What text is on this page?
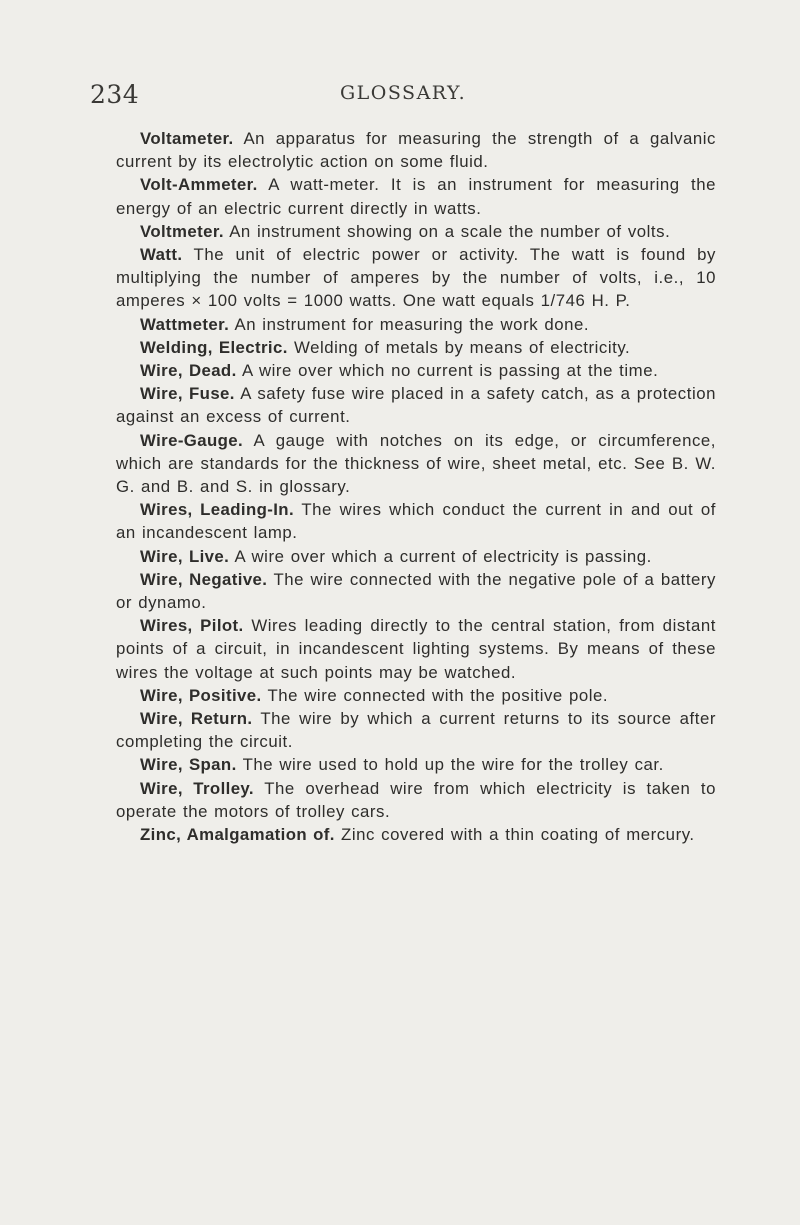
234	GLOSSARY.

Voltameter. An apparatus for measuring the strength of a galvanic current by its electrolytic action on some fluid.

Volt-Ammeter. A watt-meter. It is an instrument for measuring the energy of an electric current directly in watts.

Voltmeter. An instrument showing on a scale the number of volts.

Watt. The unit of electric power or activity. The watt is found by multiplying the number of amperes by the number of volts, i.e., 10 amperes × 100 volts = 1000 watts. One watt equals 1/746 H. P.

Wattmeter. An instrument for measuring the work done.

Welding, Electric. Welding of metals by means of electricity.

Wire, Dead. A wire over which no current is passing at the time.

Wire, Fuse. A safety fuse wire placed in a safety catch, as a protection against an excess of current.

Wire-Gauge. A gauge with notches on its edge, or circumference, which are standards for the thickness of wire, sheet metal, etc. See B. W. G. and B. and S. in glossary.

Wires, Leading-In. The wires which conduct the current in and out of an incandescent lamp.

Wire, Live. A wire over which a current of electricity is passing.

Wire, Negative. The wire connected with the negative pole of a battery or dynamo.

Wires, Pilot. Wires leading directly to the central station, from distant points of a circuit, in incandescent lighting systems. By means of these wires the voltage at such points may be watched.

Wire, Positive. The wire connected with the positive pole.

Wire, Return. The wire by which a current returns to its source after completing the circuit.

Wire, Span. The wire used to hold up the wire for the trolley car.

Wire, Trolley. The overhead wire from which electricity is taken to operate the motors of trolley cars.

Zinc, Amalgamation of. Zinc covered with a thin coating of mercury.
